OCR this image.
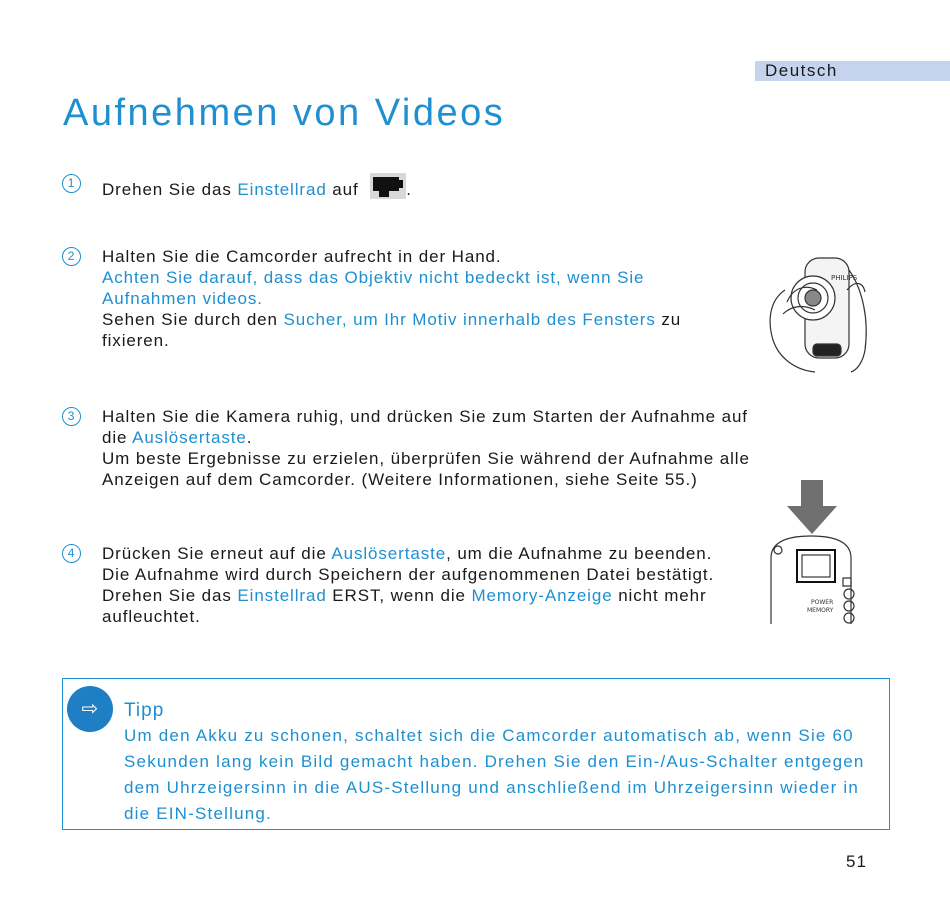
Deutsch
Aufnehmen von Videos
1	Drehen Sie das Einstellrad auf	.
2	Halten Sie die Camcorder aufrecht in der Hand.
Achten Sie darauf, dass das Objektiv nicht bedeckt ist, wenn Sie
Aufnahmen videos.
Sehen Sie durch den Sucher, um Ihr Motiv innerhalb des Fensters zu
fixieren.
3	Halten Sie die Kamera ruhig, und drücken Sie zum Starten der Aufnahme auf
die Auslösertaste.
Um beste Ergebnisse zu erzielen, überprüfen Sie während der Aufnahme alle
Anzeigen auf dem Camcorder. (Weitere Informationen, siehe Seite 55.)
4	Drücken Sie erneut auf die Auslösertaste, um die Aufnahme zu beenden.
Die Aufnahme wird durch Speichern der aufgenommenen Datei bestätigt.
Drehen Sie das Einstellrad ERST, wenn die Memory-Anzeige nicht mehr
aufleuchtet.
PHILIPS
POWER
MEMORY
⇨	Tipp
Um den Akku zu schonen, schaltet sich die Camcorder automatisch ab, wenn Sie 60
Sekunden lang kein Bild gemacht haben. Drehen Sie den Ein-/Aus-Schalter entgegen
dem Uhrzeigersinn in die AUS-Stellung und anschließend im Uhrzeigersinn wieder in
die EIN-Stellung.
51
